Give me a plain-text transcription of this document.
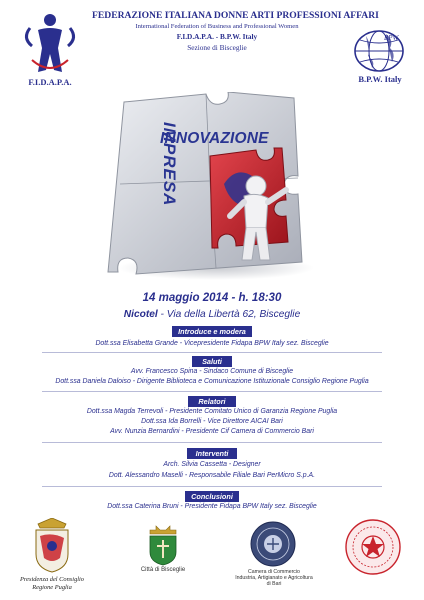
F.I.D.A.P.A.
FEDERAZIONE ITALIANA DONNE ARTI PROFESSIONI AFFARI
International Federation of Business and Professional Women
F.I.D.A.P.A. - B.P.W. Italy
Sezione di Bisceglie
BPW
B.P.W. Italy
INNOVAZIONE
IMPRESA
14 maggio 2014 - h. 18:30
Nicotel - Via della Libertà 62, Bisceglie
Introduce e modera
Dott.ssa Elisabetta Grande - Vicepresidente Fidapa BPW Italy sez. Bisceglie
Saluti
Avv. Francesco Spina - Sindaco Comune di Bisceglie
Dott.ssa Daniela Daloiso - Dirigente Biblioteca e Comunicazione Istituzionale Consiglio Regione Puglia
Relatori
Dott.ssa Magda Terrevoli - Presidente Comitato Unico di Garanzia Regione Puglia
Dott.ssa Ida Borrelli - Vice Direttore AICAI Bari
Avv. Nunzia Bernardini - Presidente Cif Camera di Commercio Bari
Interventi
Arch. Silvia Cassetta - Designer
Dott. Alessandro Maselli - Responsabile Filiale Bari PerMicro S.p.A.
Conclusioni
Dott.ssa Caterina Bruni - Presidente Fidapa BPW Italy sez. Bisceglie
Presidenza del Consiglio
Regione Puglia
Città di Bisceglie	Camera di Commercio
Industria, Artigianato e Agricoltura
di Bari
